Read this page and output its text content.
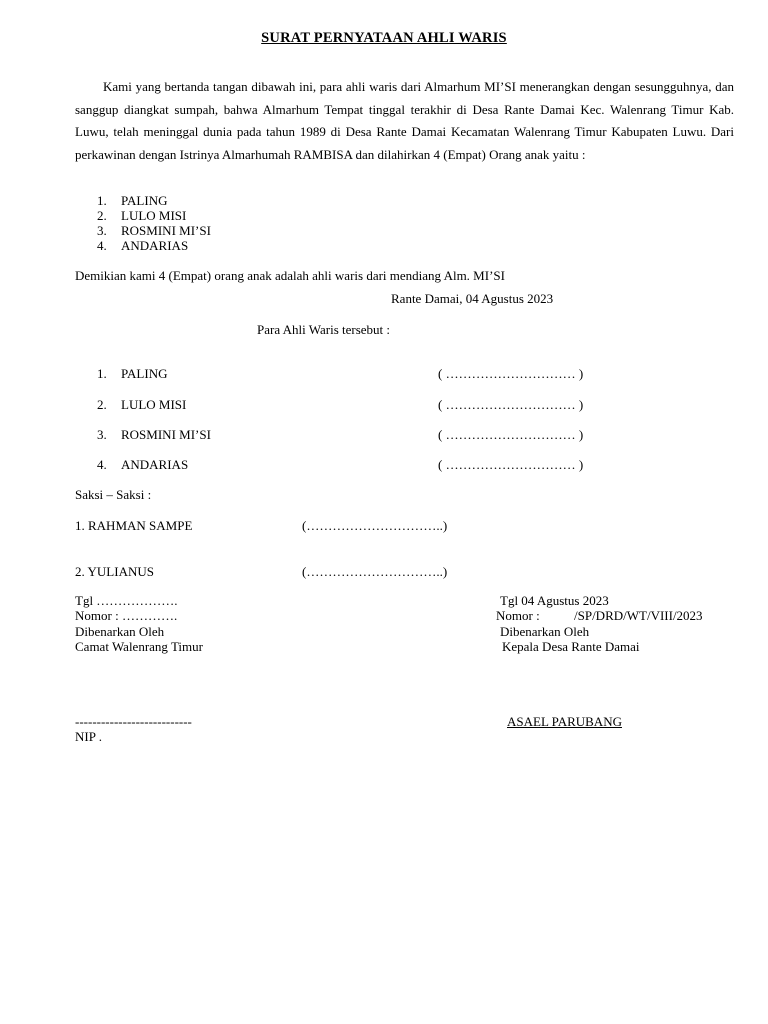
SURAT PERNYATAAN AHLI WARIS
Kami yang bertanda tangan dibawah ini, para ahli waris dari Almarhum MI’SI menerangkan dengan sesungguhnya, dan sanggup diangkat sumpah, bahwa Almarhum Tempat tinggal terakhir di Desa Rante Damai Kec. Walenrang Timur Kab. Luwu, telah meninggal dunia pada tahun 1989 di Desa Rante Damai Kecamatan Walenrang Timur Kabupaten Luwu. Dari perkawinan dengan Istrinya Almarhumah RAMBISA dan dilahirkan 4 (Empat) Orang anak yaitu :
1.	PALING
2.	LULO MISI
3.	ROSMINI MI’SI
4.	ANDARIAS
Demikian kami 4 (Empat) orang anak adalah ahli waris dari mendiang Alm. MI’SI
Rante Damai, 04 Agustus 2023
Para Ahli Waris tersebut :
1. PALING	( ………………………… )
2. LULO MISI	( ………………………… )
3. ROSMINI MI’SI	( ………………………… )
4. ANDARIAS	( ………………………… )
Saksi – Saksi :
1. RAHMAN SAMPE	(…………………………..)
2. YULIANUS	(…………………………..)
Tgl ……………….
Nomor : ………….
Dibenarkan Oleh
Camat Walenrang Timur
---------------------------
NIP .
Tgl 04 Agustus 2023
Nomor :	/SP/DRD/WT/VIII/2023
Dibenarkan Oleh
Kepala Desa Rante Damai
ASAEL PARUBANG
